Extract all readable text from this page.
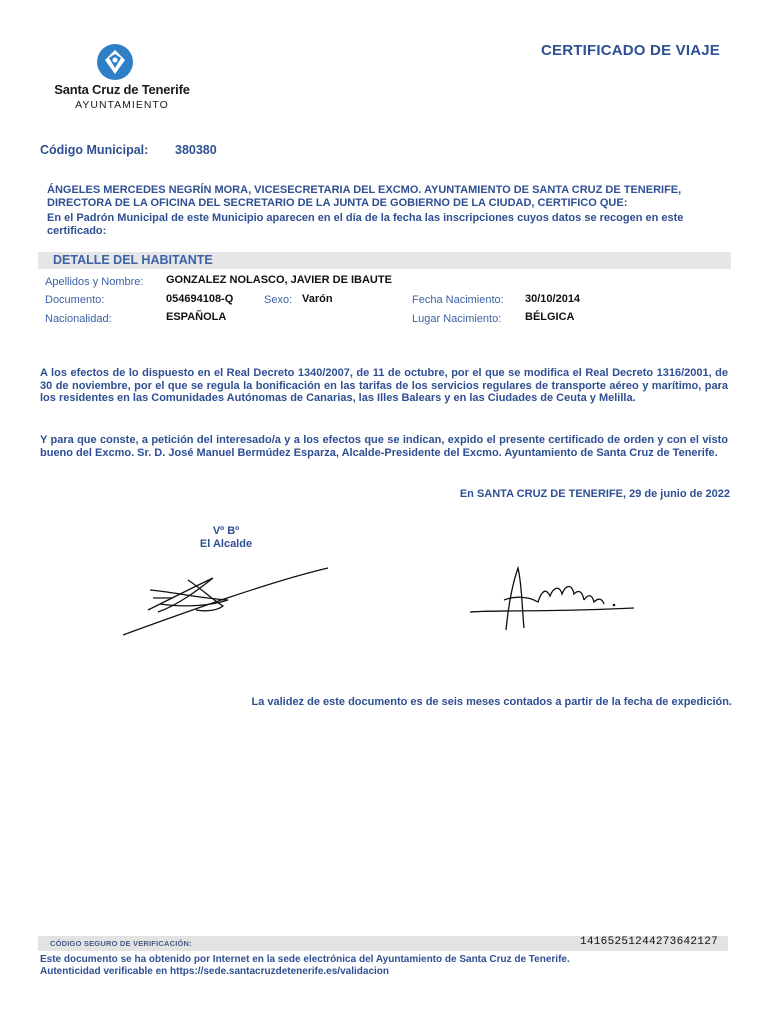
Santa Cruz de Tenerife
AYUNTAMIENTO
CERTIFICADO DE VIAJE
Código Municipal: 380380
ÁNGELES MERCEDES NEGRÍN MORA, VICESECRETARIA DEL EXCMO. AYUNTAMIENTO DE SANTA CRUZ DE TENERIFE, DIRECTORA DE LA OFICINA DEL SECRETARIO DE LA JUNTA DE GOBIERNO DE LA CIUDAD, CERTIFICO QUE:
En el Padrón Municipal de este Municipio aparecen en el día de la fecha las inscripciones cuyos datos se recogen en este certificado:
DETALLE DEL HABITANTE
Apellidos y Nombre: GONZALEZ NOLASCO, JAVIER DE IBAUTE
Documento:	054694108-Q	Sexo: Varón	Fecha Nacimiento: 30/10/2014
Nacionalidad:	ESPAÑOLA	Lugar Nacimiento: BÉLGICA
A los efectos de lo dispuesto en el Real Decreto 1340/2007, de 11 de octubre, por el que se modifica el Real Decreto 1316/2001, de 30 de noviembre, por el que se regula la bonificación en las tarifas de los servicios regulares de transporte aéreo y marítimo, para los residentes en las Comunidades Autónomas de Canarias, las Illes Balears y en las Ciudades de Ceuta y Melilla.
Y para que conste, a petición del interesado/a y a los efectos que se indican, expido el presente certificado de orden y con el visto bueno del Excmo. Sr. D. José Manuel Bermúdez Esparza, Alcalde-Presidente del Excmo. Ayuntamiento de Santa Cruz de Tenerife.
En SANTA CRUZ DE TENERIFE, 29 de junio de 2022
Vº Bº
El Alcalde
La validez de este documento es de seis meses contados a partir de la fecha de expedición.
CÓDIGO SEGURO DE VERIFICACIÓN:	14165251244273642127
Este documento se ha obtenido por Internet en la sede electrónica del Ayuntamiento de Santa Cruz de Tenerife.
Autenticidad verificable en https://sede.santacruzdetenerife.es/validacion
